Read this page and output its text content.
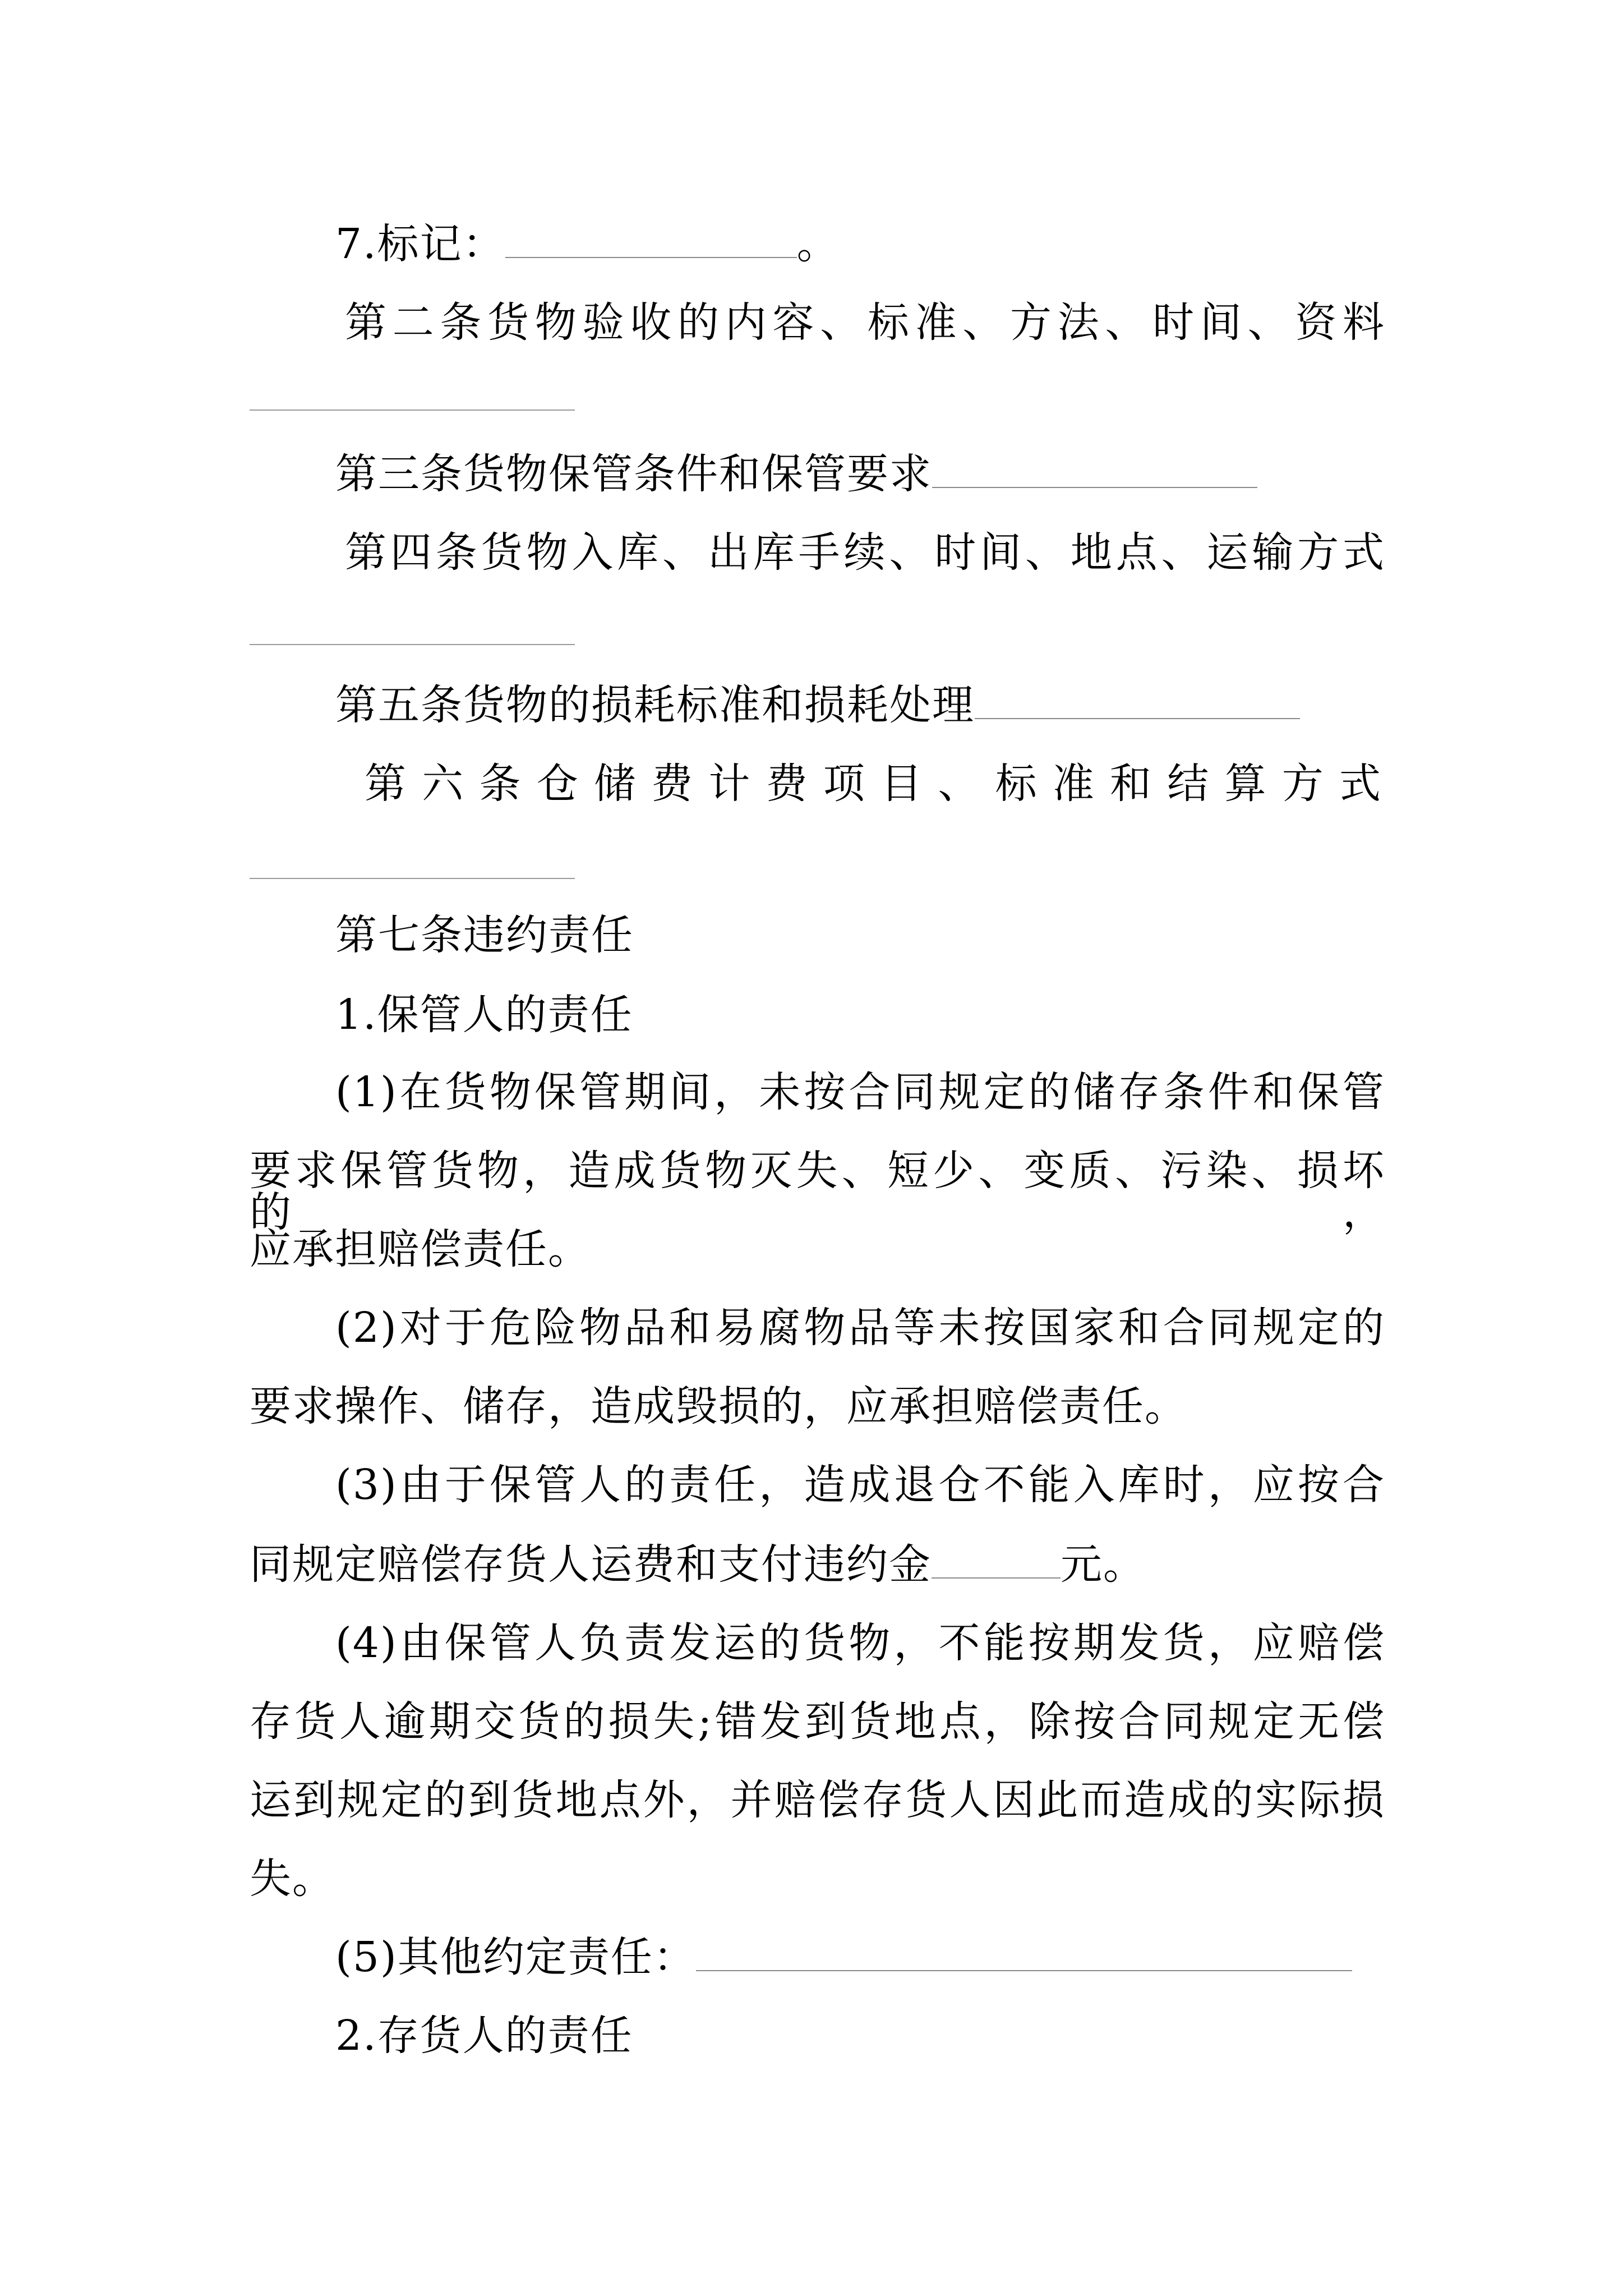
7.标记：	。
第二条货物验收的内容、标准、方法、时间、资料
第三条货物保管条件和保管要求
第四条货物入库、出库手续、时间、地点、运输方式
第五条货物的损耗标准和损耗处理
第六条仓储费计费项目、标准和结算方式
第七条违约责任
1.保管人的责任
(1)在货物保管期间，未按合同规定的储存条件和保管
要求保管货物，造成货物灭失、短少、变质、污染、损坏的，
应承担赔偿责任。
(2)对于危险物品和易腐物品等未按国家和合同规定的
要求操作、储存，造成毁损的，应承担赔偿责任。
(3)由于保管人的责任，造成退仓不能入库时，应按合
同规定赔偿存货人运费和支付违约金	元。
(4)由保管人负责发运的货物，不能按期发货，应赔偿
存货人逾期交货的损失;错发到货地点，除按合同规定无偿
运到规定的到货地点外，并赔偿存货人因此而造成的实际损
失。
(5)其他约定责任：
2.存货人的责任
